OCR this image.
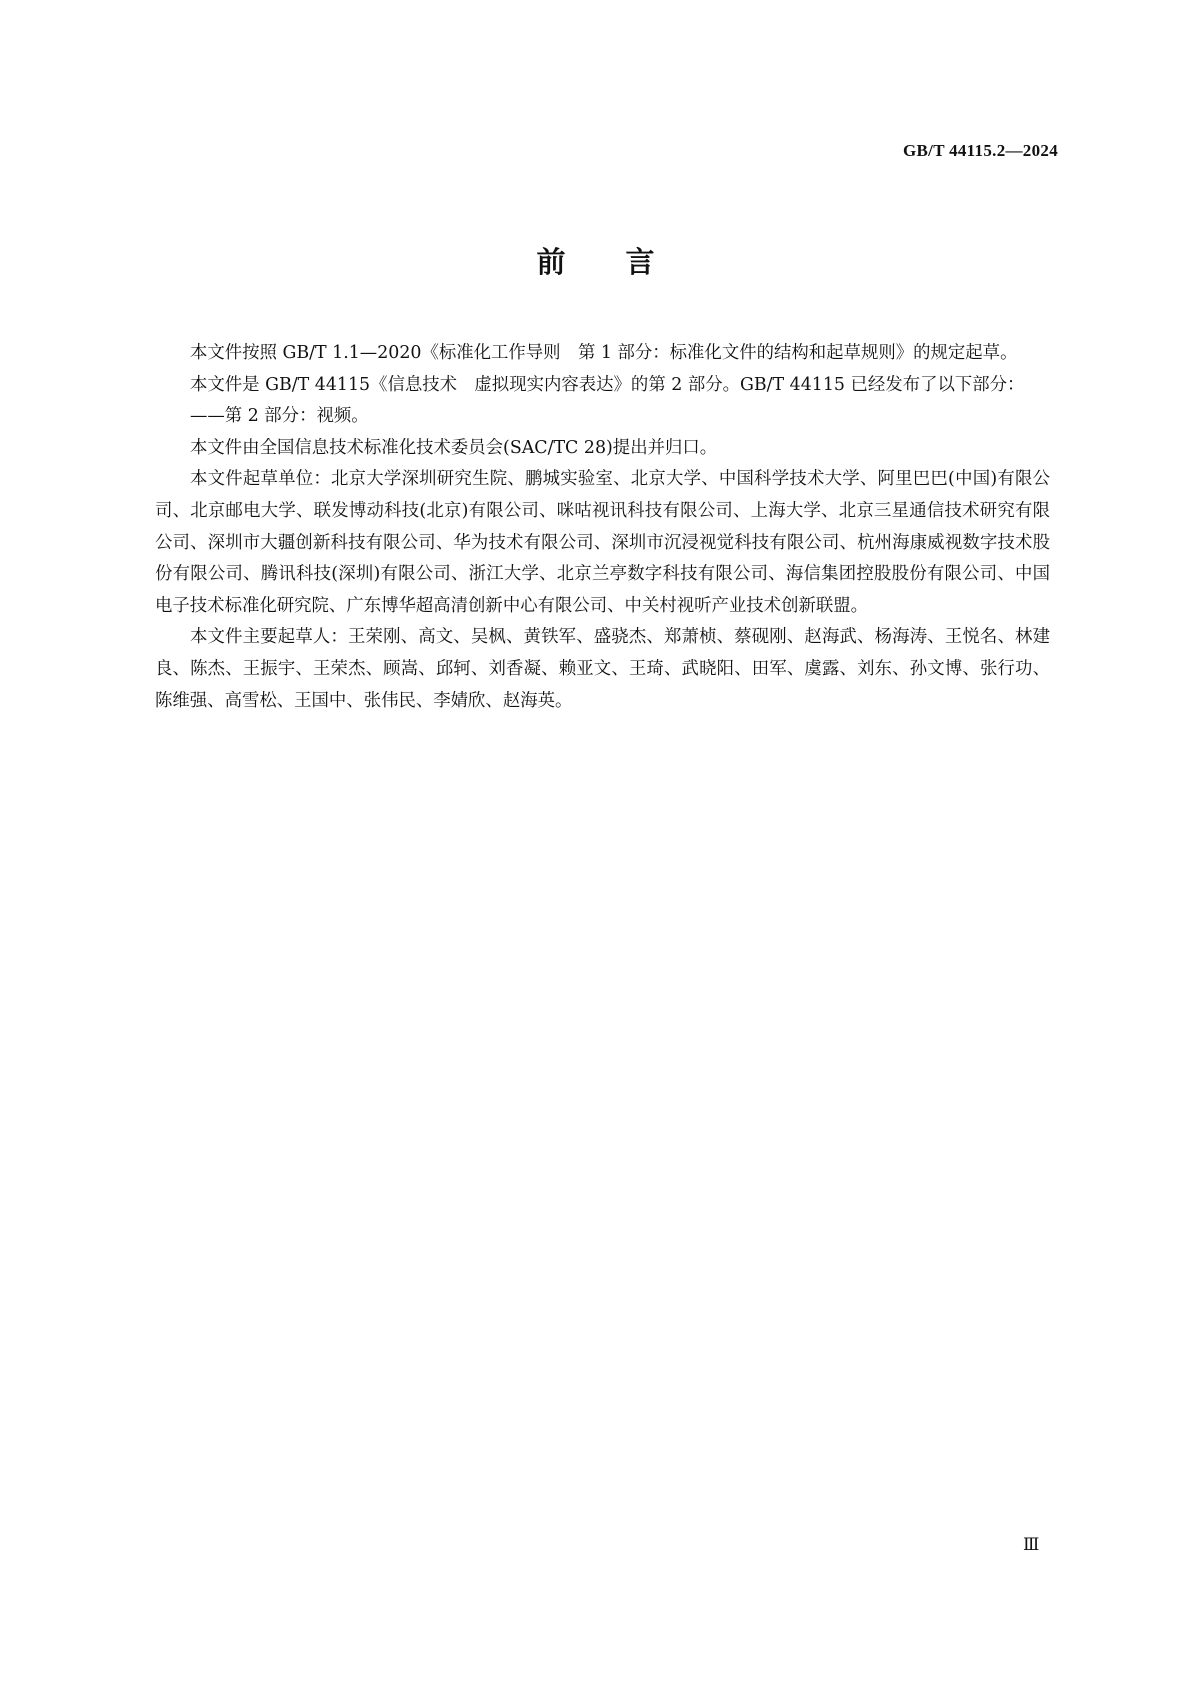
GB/T 44115.2—2024
前言

本文件按照 GB/T 1.1—2020《标准化工作导则　第 1 部分：标准化文件的结构和起草规则》的规定起草。

本文件是 GB/T 44115《信息技术　虚拟现实内容表达》的第 2 部分。GB/T 44115 已经发布了以下部分：

——第 2 部分：视频。

本文件由全国信息技术标准化技术委员会(SAC/TC 28)提出并归口。

本文件起草单位：北京大学深圳研究生院、鹏城实验室、北京大学、中国科学技术大学、阿里巴巴(中国)有限公司、北京邮电大学、联发博动科技(北京)有限公司、咪咕视讯科技有限公司、上海大学、北京三星通信技术研究有限公司、深圳市大疆创新科技有限公司、华为技术有限公司、深圳市沉浸视觉科技有限公司、杭州海康威视数字技术股份有限公司、腾讯科技(深圳)有限公司、浙江大学、北京兰亭数字科技有限公司、海信集团控股股份有限公司、中国电子技术标准化研究院、广东博华超高清创新中心有限公司、中关村视听产业技术创新联盟。

本文件主要起草人：王荣刚、高文、吴枫、黄铁军、盛骁杰、郑萧桢、蔡砚刚、赵海武、杨海涛、王悦名、林建良、陈杰、王振宇、王荣杰、顾嵩、邱轲、刘香凝、赖亚文、王琦、武晓阳、田军、虞露、刘东、孙文博、张行功、陈维强、高雪松、王国中、张伟民、李婧欣、赵海英。

Ⅲ
